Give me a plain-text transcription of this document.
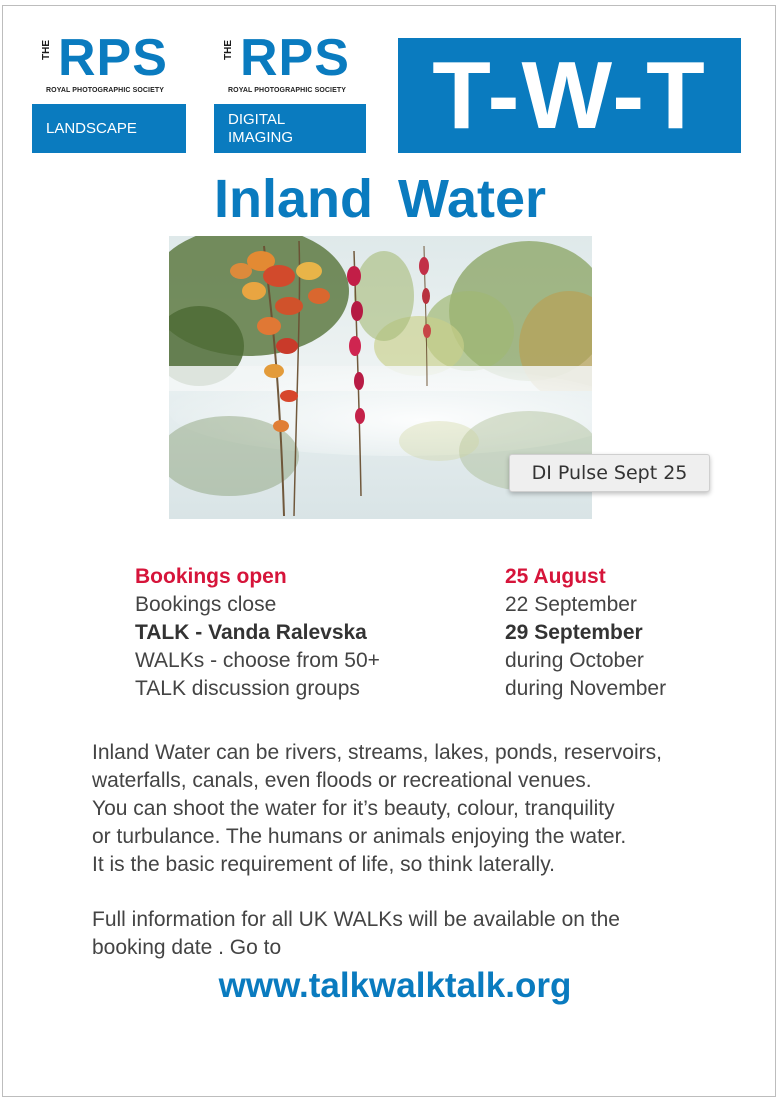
THE RPS
ROYAL PHOTOGRAPHIC SOCIETY
LANDSCAPE
THE RPS
ROYAL PHOTOGRAPHIC SOCIETY
DIGITAL
IMAGING	T-W-T
Inland Water
DI Pulse Sept 25
Bookings open
Bookings close
TALK - Vanda Ralevska
WALKs - choose from 50+
TALK discussion groups
25 August
22 September
29 September
during October
during November
Inland Water can be rivers, streams, lakes, ponds, reservoirs,
waterfalls, canals, even floods or recreational venues.
You can shoot the water for it’s beauty, colour, tranquility
or turbulance. The humans or animals enjoying the water.
It is the basic requirement of life, so think laterally.
Full information for all UK WALKs will be available on the
booking date . Go to
www.talkwalktalk.org
